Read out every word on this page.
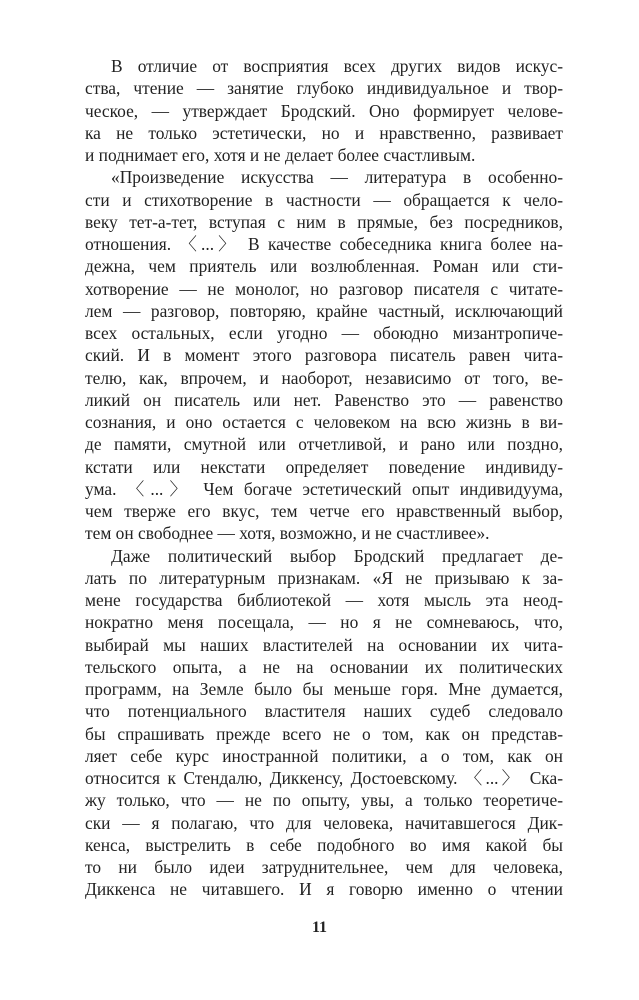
В отличие от восприятия всех других видов искус-
ства, чтение — занятие глубоко индивидуальное и твор-
ческое, — утверждает Бродский. Оно формирует челове-
ка не только эстетически, но и нравственно, развивает
и поднимает его, хотя и не делает более счастливым.
«Произведение искусства — литература в особенно-
сти и стихотворение в частности — обращается к чело-
веку тет-а-тет, вступая с ним в прямые, без посредников,
отношения. 〈...〉 В качестве собеседника книга более на-
дежна, чем приятель или возлюбленная. Роман или сти-
хотворение — не монолог, но разговор писателя с читате-
лем — разговор, повторяю, крайне частный, исключающий
всех остальных, если угодно — обоюдно мизантропиче-
ский. И в момент этого разговора писатель равен чита-
телю, как, впрочем, и наоборот, независимо от того, ве-
ликий он писатель или нет. Равенство это — равенство
сознания, и оно остается с человеком на всю жизнь в ви-
де памяти, смутной или отчетливой, и рано или поздно,
кстати или некстати определяет поведение индивиду-
ума. 〈...〉 Чем богаче эстетический опыт индивидуума,
чем тверже его вкус, тем четче его нравственный выбор,
тем он свободнее — хотя, возможно, и не счастливее».
Даже политический выбор Бродский предлагает де-
лать по литературным признакам. «Я не призываю к за-
мене государства библиотекой — хотя мысль эта неод-
нократно меня посещала, — но я не сомневаюсь, что,
выбирай мы наших властителей на основании их чита-
тельского опыта, а не на основании их политических
программ, на Земле было бы меньше горя. Мне думается,
что потенциального властителя наших судеб следовало
бы спрашивать прежде всего не о том, как он представ-
ляет себе курс иностранной политики, а о том, как он
относится к Стендалю, Диккенсу, Достоевскому. 〈...〉 Ска-
жу только, что — не по опыту, увы, а только теоретиче-
ски — я полагаю, что для человека, начитавшегося Дик-
кенса, выстрелить в себе подобного во имя какой бы
то ни было идеи затруднительнее, чем для человека,
Диккенса не читавшего. И я говорю именно о чтении
11
